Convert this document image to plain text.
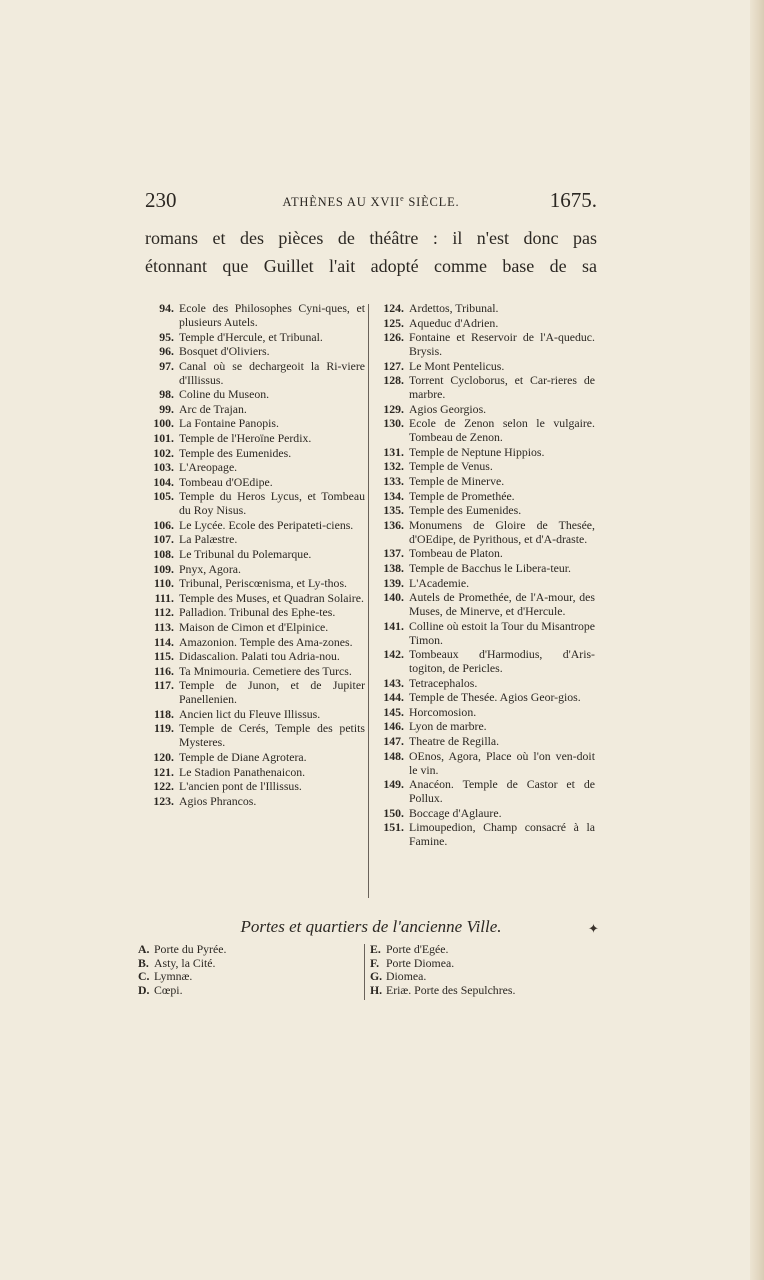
230	ATHÈNES AU XVIIe SIÈCLE.	1675.
romans et des pièces de théâtre : il n'est donc pas
étonnant que Guillet l'ait adopté comme base de sa
94. Ecole des Philosophes Cyni-ques, et plusieurs Autels.
95. Temple d'Hercule, et Tribunal.
96. Bosquet d'Oliviers.
97. Canal où se dechargeoit la Ri-viere d'Illissus.
98. Coline du Museon.
99. Arc de Trajan.
100. La Fontaine Panopis.
101. Temple de l'Heroïne Perdix.
102. Temple des Eumenides.
103. L'Areopage.
104. Tombeau d'OEdipe.
105. Temple du Heros Lycus, et Tombeau du Roy Nisus.
106. Le Lycée. Ecole des Peripateti-ciens.
107. La Palæstre.
108. Le Tribunal du Polemarque.
109. Pnyx, Agora.
110. Tribunal, Periscœnisma, et Ly-thos.
111. Temple des Muses, et Quadran Solaire.
112. Palladion. Tribunal des Ephe-tes.
113. Maison de Cimon et d'Elpinice.
114. Amazonion. Temple des Ama-zones.
115. Didascalion. Palati tou Adria-nou.
116. Ta Mnimouria. Cemetiere des Turcs.
117. Temple de Junon, et de Jupiter Panellenien.
118. Ancien lict du Fleuve Illissus.
119. Temple de Cerés, Temple des petits Mysteres.
120. Temple de Diane Agrotera.
121. Le Stadion Panathenaicon.
122. L'ancien pont de l'Illissus.
123. Agios Phrancos.
124. Ardettos, Tribunal.
125. Aqueduc d'Adrien.
126. Fontaine et Reservoir de l'A-queduc. Brysis.
127. Le Mont Pentelicus.
128. Torrent Cycloborus, et Car-rieres de marbre.
129. Agios Georgios.
130. Ecole de Zenon selon le vulgaire. Tombeau de Zenon.
131. Temple de Neptune Hippios.
132. Temple de Venus.
133. Temple de Minerve.
134. Temple de Promethée.
135. Temple des Eumenides.
136. Monumens de Gloire de Thesée, d'OEdipe, de Pyrithous, et d'A-draste.
137. Tombeau de Platon.
138. Temple de Bacchus le Libera-teur.
139. L'Academie.
140. Autels de Promethée, de l'A-mour, des Muses, de Minerve, et d'Hercule.
141. Colline où estoit la Tour du Misantrope Timon.
142. Tombeaux d'Harmodius, d'Aris-togiton, de Pericles.
143. Tetracephalos.
144. Temple de Thesée. Agios Geor-gios.
145. Horcomosion.
146. Lyon de marbre.
147. Theatre de Regilla.
148. OEnos, Agora, Place où l'on ven-doit le vin.
149. Anacéon. Temple de Castor et de Pollux.
150. Boccage d'Aglaure.
151. Limoupedion, Champ consacré à la Famine.
Portes et quartiers de l'ancienne Ville.	✦
A. Porte du Pyrée.
B. Asty, la Cité.
C. Lymnæ.
D. Cœpi.
E. Porte d'Egée.
F. Porte Diomea.
G. Diomea.
H. Eriæ. Porte des Sepulchres.
